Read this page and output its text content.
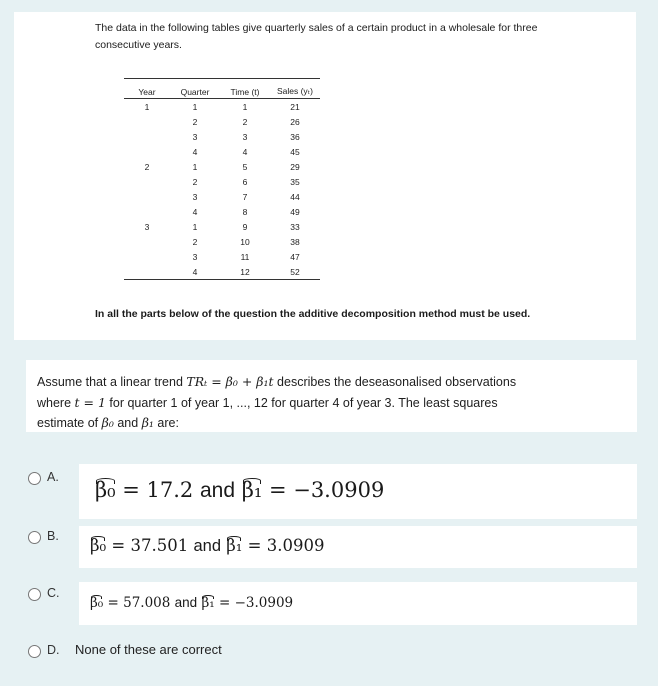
The data in the following tables give quarterly sales of a certain product in a wholesale for three consecutive years.
Year	Quarter	Time (t)	Sales (yₜ)
1	1	1	21
	2	2	26
	3	3	36
	4	4	45
2	1	5	29
	2	6	35
	3	7	44
	4	8	49
3	1	9	33
	2	10	38
	3	11	47
	4	12	52
In all the parts below of the question the additive decomposition method must be used.
Assume that a linear trend TRₜ = β₀ + β₁t describes the deseasonalised observations
where t = 1 for quarter 1 of year 1, ..., 12 for quarter 4 of year 3. The least squares
estimate of β₀ and β₁ are:
A.
β₀ = 17.2 and β₁ = −3.0909
B. β₀ = 37.501 and β₁ = 3.0909
C.
β₀ = 57.008 and β₁ = −3.0909
D. None of these are correct
